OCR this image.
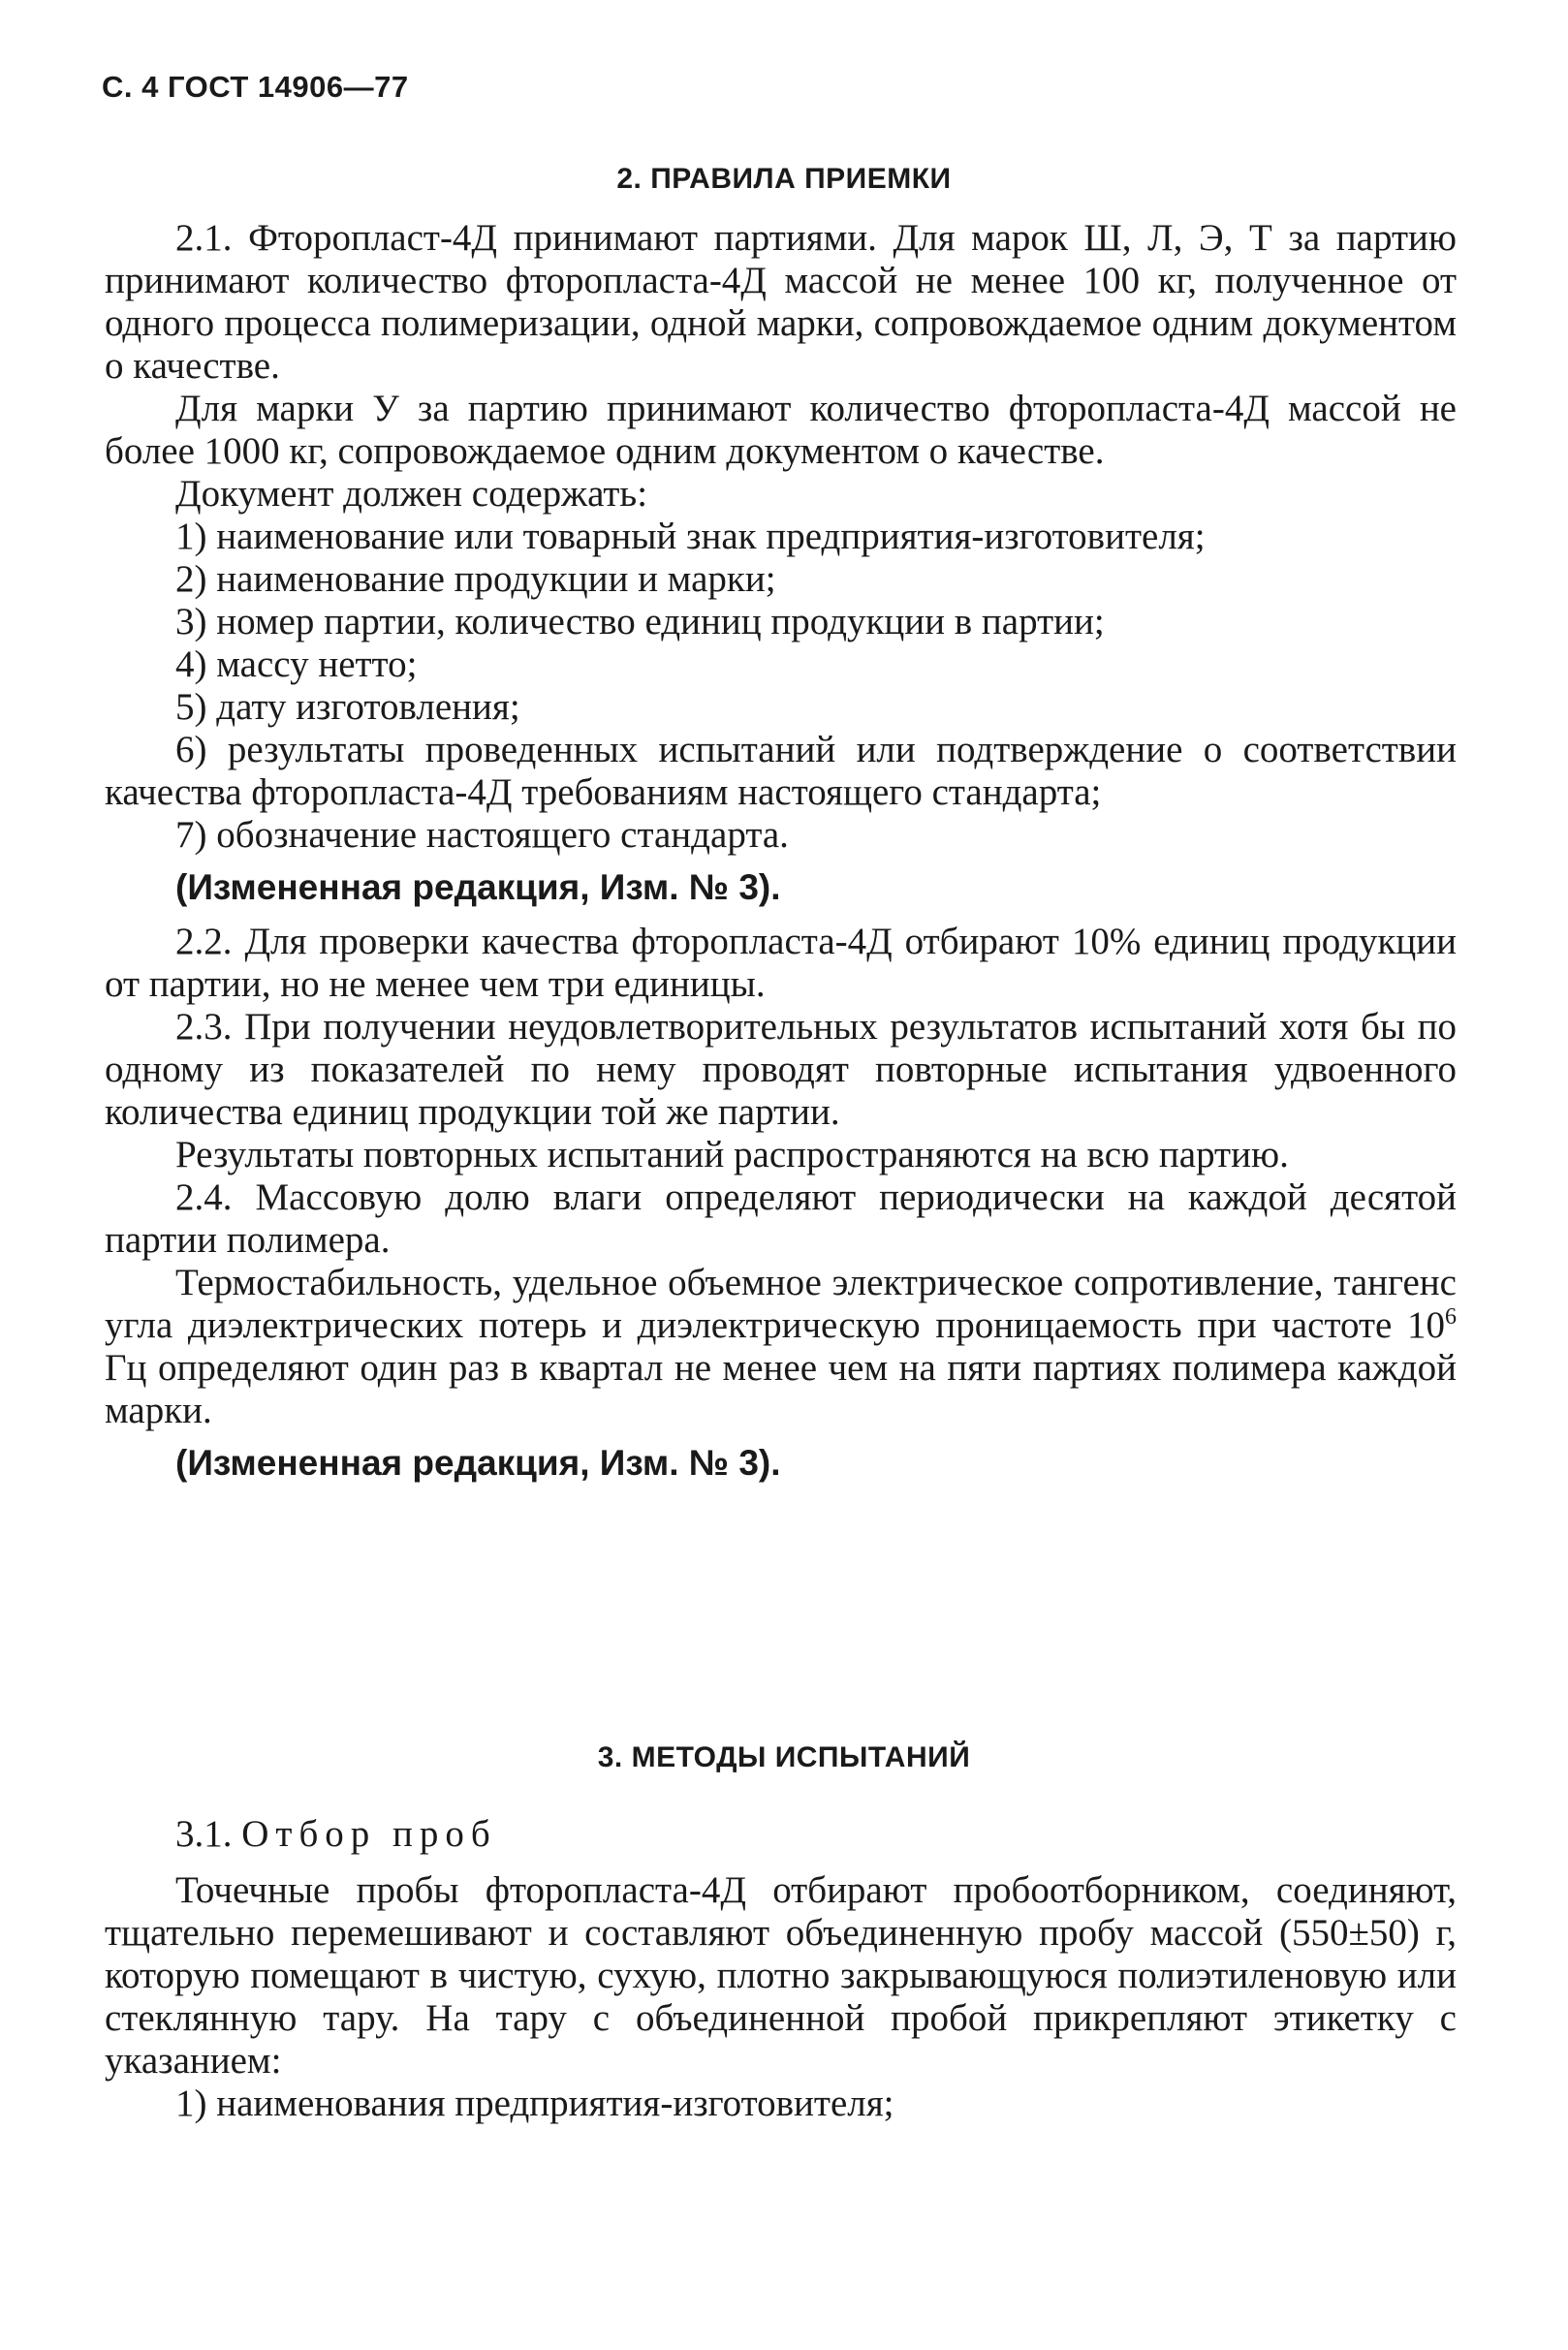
С. 4 ГОСТ 14906—77
2. ПРАВИЛА ПРИЕМКИ

2.1. Фторопласт-4Д принимают партиями. Для марок Ш, Л, Э, Т за партию принимают количество фторопласта-4Д массой не менее 100 кг, полученное от одного процесса полимеризации, одной марки, сопровождаемое одним документом о качестве.

Для марки У за партию принимают количество фторопласта-4Д массой не более 1000 кг, сопровождаемое одним документом о качестве.

Документ должен содержать:

1) наименование или товарный знак предприятия-изготовителя;

2) наименование продукции и марки;

3) номер партии, количество единиц продукции в партии;

4) массу нетто;

5) дату изготовления;

6) результаты проведенных испытаний или подтверждение о соответствии качества фторопласта-4Д требованиям настоящего стандарта;

7) обозначение настоящего стандарта.

(Измененная редакция, Изм. № 3).

2.2. Для проверки качества фторопласта-4Д отбирают 10% единиц продукции от партии, но не менее чем три единицы.

2.3. При получении неудовлетворительных результатов испытаний хотя бы по одному из показателей по нему проводят повторные испытания удвоенного количества единиц продукции той же партии.

Результаты повторных испытаний распространяются на всю партию.

2.4. Массовую долю влаги определяют периодически на каждой десятой партии полимера.

Термостабильность, удельное объемное электрическое сопротивление, тангенс угла диэлектрических потерь и диэлектрическую проницаемость при частоте $10^6$ Гц определяют один раз в квартал не менее чем на пяти партиях полимера каждой марки.

(Измененная редакция, Изм. № 3).

3. МЕТОДЫ ИСПЫТАНИЙ

3.1. Отбор проб

Точечные пробы фторопласта-4Д отбирают пробоотборником, соединяют, тщательно перемешивают и составляют объединенную пробу массой (550±50) г, которую помещают в чистую, сухую, плотно закрывающуюся полиэтиленовую или стеклянную тару. На тару с объединенной пробой прикрепляют этикетку с указанием:

1) наименования предприятия-изготовителя;
